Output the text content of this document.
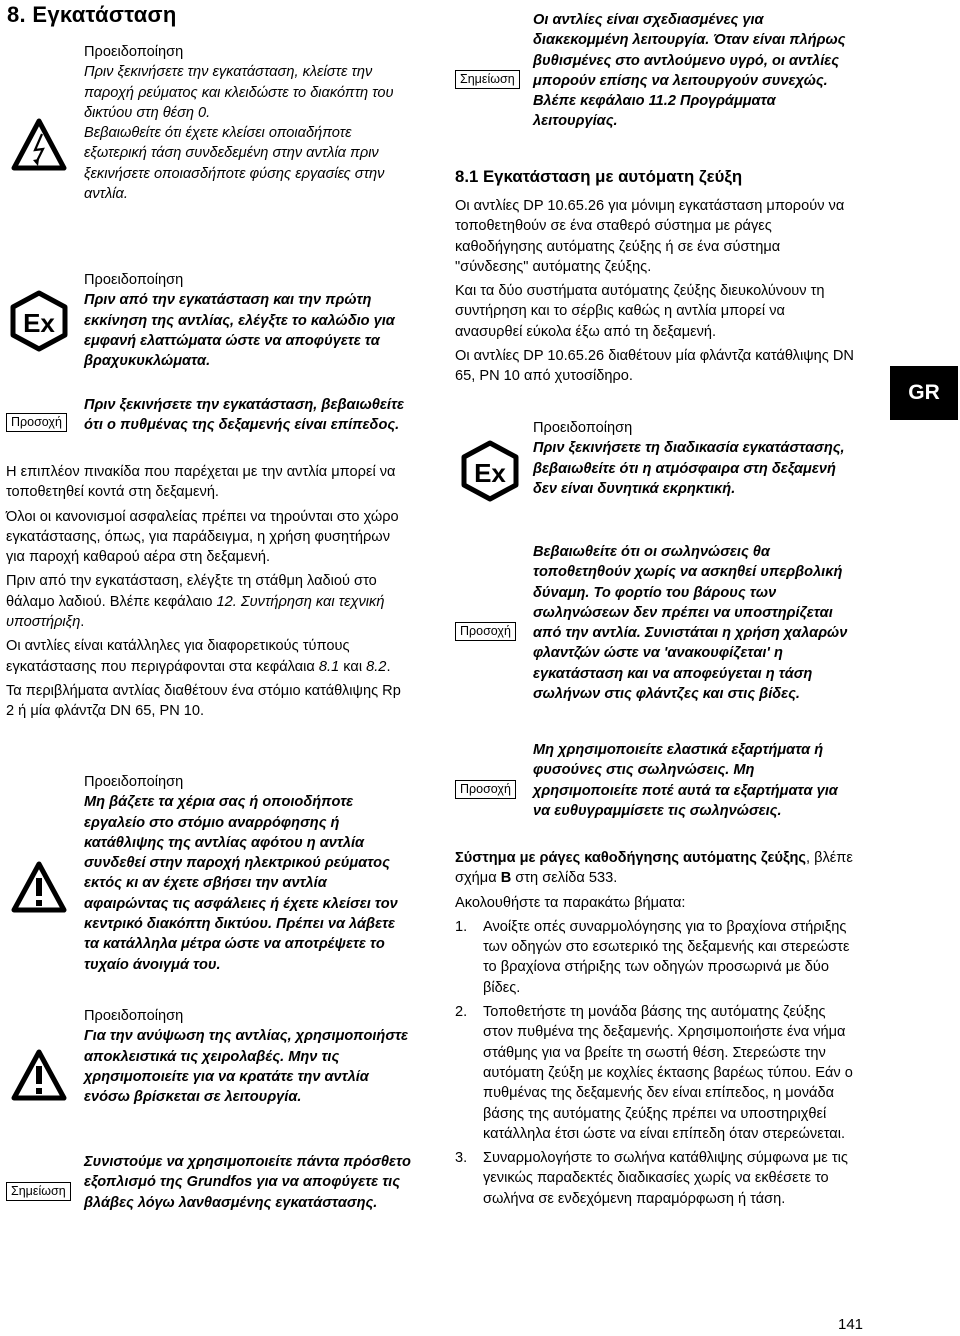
8. Εγκατάσταση

Προειδοποίηση

Πριν ξεκινήσετε την εγκατάσταση, κλείστε την παροχή ρεύματος και κλειδώστε το διακόπτη του δικτύου στη θέση 0.

Βεβαιωθείτε ότι έχετε κλείσει οποιαδήποτε εξωτερική τάση συνδεδεμένη στην αντλία πριν ξεκινήσετε οποιασδήποτε φύσης εργασίες στην αντλία.

Ex

Προειδοποίηση

Πριν από την εγκατάσταση και την πρώτη εκκίνηση της αντλίας, ελέγξτε το καλώδιο για εμφανή ελαττώματα ώστε να αποφύγετε τα βραχυκυκλώματα.

Προσοχή
Πριν ξεκινήσετε την εγκατάσταση, βεβαιωθείτε ότι ο πυθμένας της δεξαμενής είναι επίπεδος.

Η επιπλέον πινακίδα που παρέχεται με την αντλία μπορεί να τοποθετηθεί κοντά στη δεξαμενή.

Όλοι οι κανονισμοί ασφαλείας πρέπει να τηρούνται στο χώρο εγκατάστασης, όπως, για παράδειγμα, η χρήση φυσητήρων για παροχή καθαρού αέρα στη δεξαμενή.

Πριν από την εγκατάσταση, ελέγξτε τη στάθμη λαδιού στο θάλαμο λαδιού. Βλέπε κεφάλαιο 12. Συντήρηση και τεχνική υποστήριξη.

Οι αντλίες είναι κατάλληλες για διαφορετικούς τύπους εγκατάστασης που περιγράφονται στα κεφάλαια 8.1 και 8.2.

Τα περιβλήματα αντλίας διαθέτουν ένα στόμιο κατάθλιψης Rp 2 ή μία φλάντζα DN 65, PN 10.

Προειδοποίηση

Μη βάζετε τα χέρια σας ή οποιοδήποτε εργαλείο στο στόμιο αναρρόφησης ή κατάθλιψης της αντλίας αφότου η αντλία συνδεθεί στην παροχή ηλεκτρικού ρεύματος εκτός κι αν έχετε σβήσει την αντλία αφαιρώντας τις ασφάλειες ή έχετε κλείσει τον κεντρικό διακόπτη δικτύου. Πρέπει να λάβετε τα κατάλληλα μέτρα ώστε να αποτρέψετε το τυχαίο άνοιγμά του.

Προειδοποίηση

Για την ανύψωση της αντλίας, χρησιμοποιήστε αποκλειστικά τις χειρολαβές. Μην τις χρησιμοποιείτε για να κρατάτε την αντλία ενόσω βρίσκεται σε λειτουργία.

Σημείωση
Συνιστούμε να χρησιμοποιείτε πάντα πρόσθετο εξοπλισμό της Grundfos για να αποφύγετε τις βλάβες λόγω λανθασμένης εγκατάστασης.
Σημείωση
Οι αντλίες είναι σχεδιασμένες για διακεκομμένη λειτουργία. Όταν είναι πλήρως βυθισμένες στο αντλούμενο υγρό, οι αντλίες μπορούν επίσης να λειτουργούν συνεχώς. Βλέπε κεφάλαιο 11.2 Προγράμματα λειτουργίας.
8.1 Εγκατάσταση με αυτόματη ζεύξη

Οι αντλίες DP 10.65.26 για μόνιμη εγκατάσταση μπορούν να τοποθετηθούν σε ένα σταθερό σύστημα με ράγες καθοδήγησης αυτόματης ζεύξης ή σε ένα σύστημα "σύνδεσης" αυτόματης ζεύξης.

Και τα δύο συστήματα αυτόματης ζεύξης διευκολύνουν τη συντήρηση και το σέρβις καθώς η αντλία μπορεί να ανασυρθεί εύκολα έξω από τη δεξαμενή.

Οι αντλίες DP 10.65.26 διαθέτουν μία φλάντζα κατάθλιψης DN 65, PN 10 από χυτοσίδηρο.

GR
Ex

Προειδοποίηση

Πριν ξεκινήσετε τη διαδικασία εγκατάστασης, βεβαιωθείτε ότι η ατμόσφαιρα στη δεξαμενή δεν είναι δυνητικά εκρηκτική.

Προσοχή
Βεβαιωθείτε ότι οι σωληνώσεις θα τοποθετηθούν χωρίς να ασκηθεί υπερβολική δύναμη. Το φορτίο του βάρους των σωληνώσεων δεν πρέπει να υποστηρίζεται από την αντλία. Συνιστάται η χρήση χαλαρών φλαντζών ώστε να 'ανακουφίζεται' η εγκατάσταση και να αποφεύγεται η τάση σωλήνων στις φλάντζες και στις βίδες.
Προσοχή
Μη χρησιμοποιείτε ελαστικά εξαρτήματα ή φυσούνες στις σωληνώσεις. Μη χρησιμοποιείτε ποτέ αυτά τα εξαρτήματα για να ευθυγραμμίσετε τις σωληνώσεις.

Σύστημα με ράγες καθοδήγησης αυτόματης ζεύξης, βλέπε σχήμα B στη σελίδα 533.

Ακολουθήστε τα παρακάτω βήματα:

1. Ανοίξτε οπές συναρμολόγησης για το βραχίονα στήριξης των οδηγών στο εσωτερικό της δεξαμενής και στερεώστε το βραχίονα στήριξης των οδηγών προσωρινά με δύο βίδες.
2. Τοποθετήστε τη μονάδα βάσης της αυτόματης ζεύξης στον πυθμένα της δεξαμενής. Χρησιμοποιήστε ένα νήμα στάθμης για να βρείτε τη σωστή θέση. Στερεώστε την αυτόματη ζεύξη με κοχλίες έκτασης βαρέως τύπου. Εάν ο πυθμένας της δεξαμενής δεν είναι επίπεδος, η μονάδα βάσης της αυτόματης ζεύξης πρέπει να υποστηριχθεί κατάλληλα έτσι ώστε να είναι επίπεδη όταν στερεώνεται.
3. Συναρμολογήστε το σωλήνα κατάθλιψης σύμφωνα με τις γενικώς παραδεκτές διαδικασίες χωρίς να εκθέσετε το σωλήνα σε ενδεχόμενη παραμόρφωση ή τάση.
141
